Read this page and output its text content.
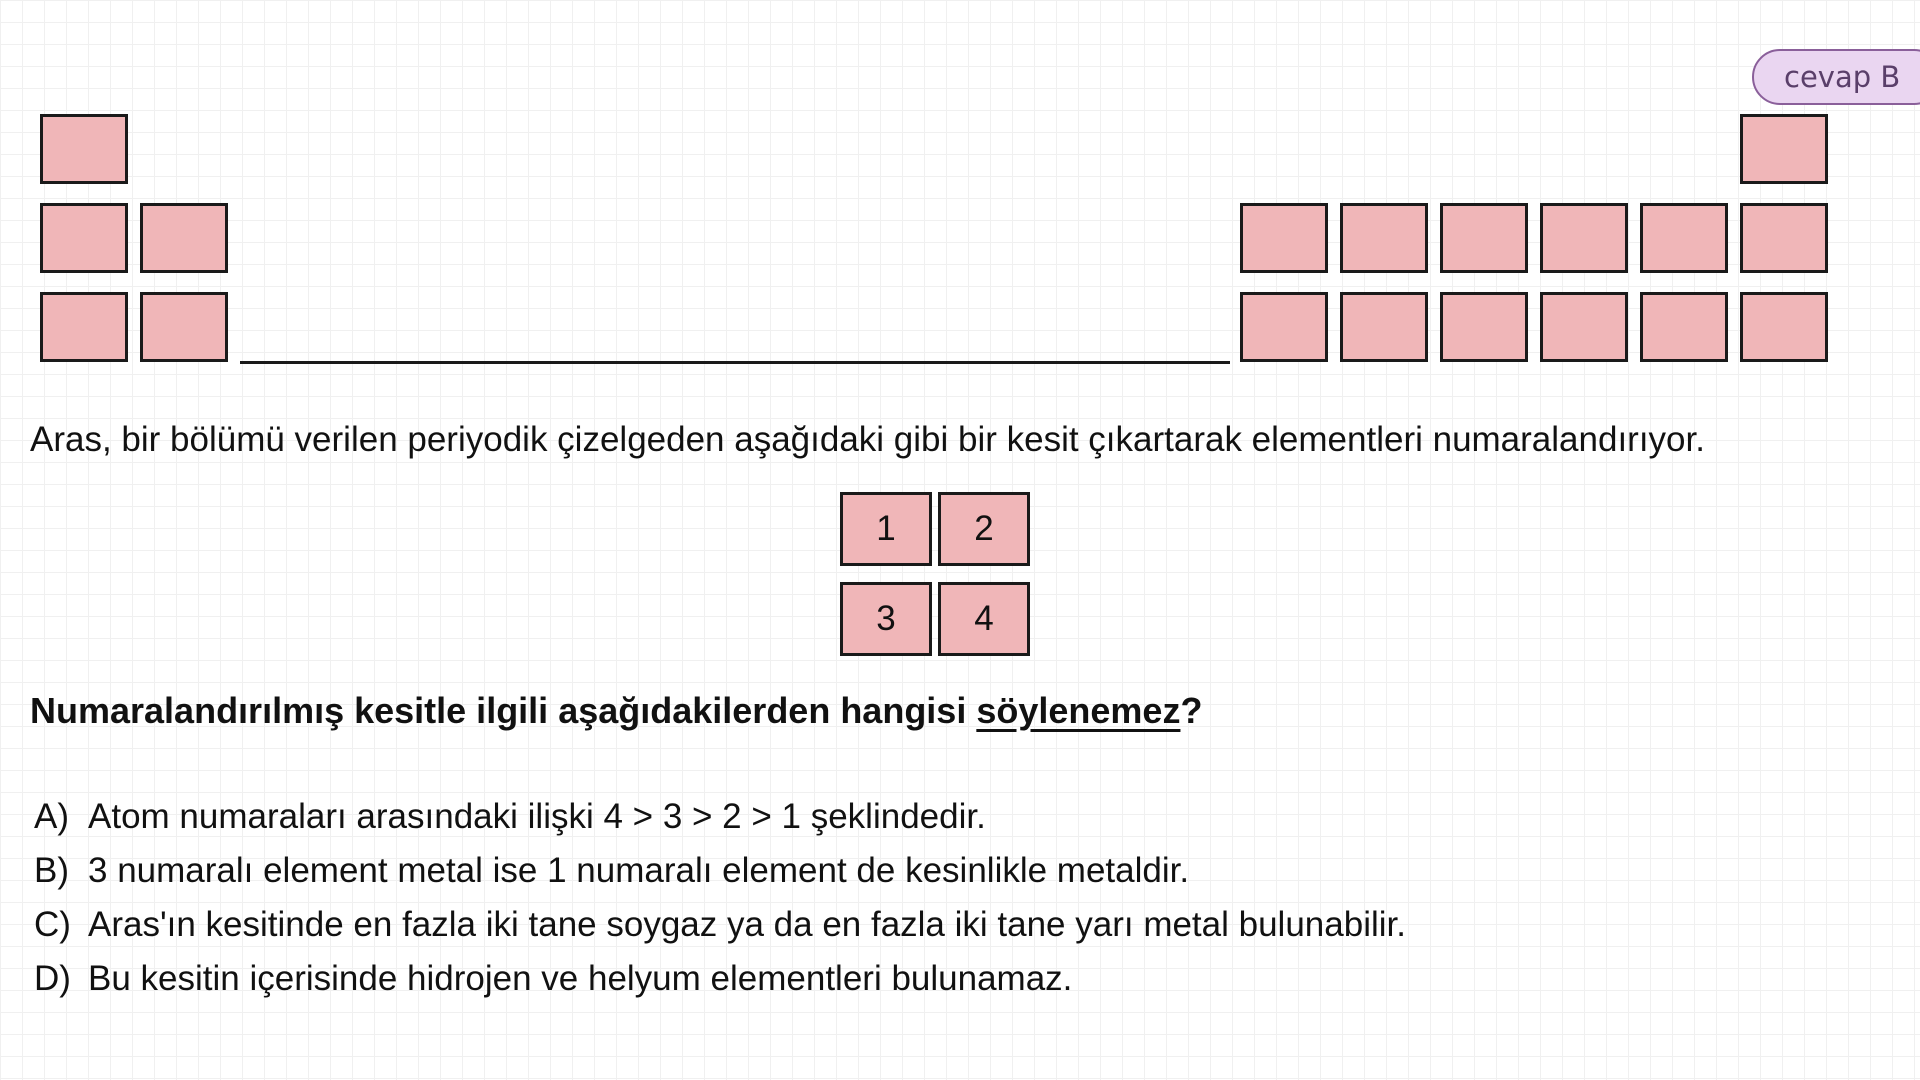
cevap B
Aras, bir bölümü verilen periyodik çizelgeden aşağıdaki gibi bir kesit çıkartarak elementleri numaralandırıyor.
1	2
3	4
Numaralandırılmış kesitle ilgili aşağıdakilerden hangisi söylenemez?
A) Atom numaraları arasındaki ilişki 4 > 3 > 2 > 1 şeklindedir.
B) 3 numaralı element metal ise 1 numaralı element de kesinlikle metaldir.
C) Aras'ın kesitinde en fazla iki tane soygaz ya da en fazla iki tane yarı metal bulunabilir.
D) Bu kesitin içerisinde hidrojen ve helyum elementleri bulunamaz.
